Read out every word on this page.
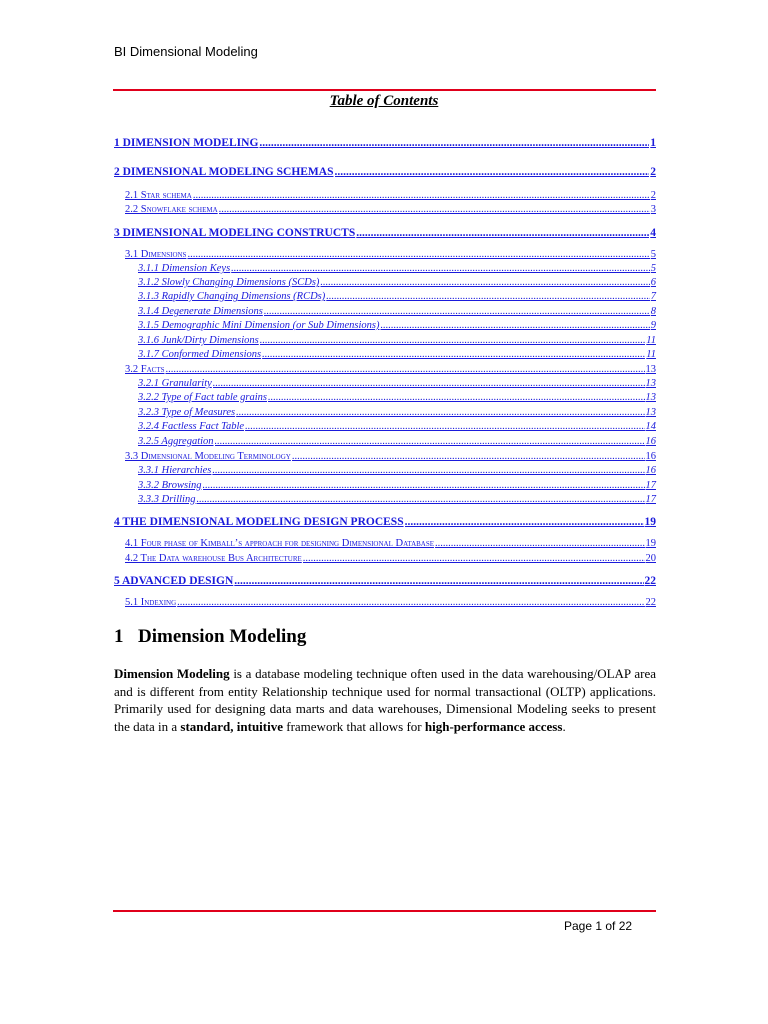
BI Dimensional Modeling
Table of Contents
1 DIMENSION MODELING .....	1
2 DIMENSIONAL MODELING SCHEMAS .....	2
2.1 Star schema .....	2
2.2 Snowflake schema .....	3
3 DIMENSIONAL MODELING CONSTRUCTS .....	4
3.1 Dimensions .....	5
3.1.1 Dimension Keys .....	5
3.1.2 Slowly Changing Dimensions (SCDs) .....	6
3.1.3 Rapidly Changing Dimensions (RCDs) .....	7
3.1.4 Degenerate Dimensions .....	8
3.1.5 Demographic Mini Dimension (or Sub Dimensions) .....	9
3.1.6 Junk/Dirty Dimensions .....	11
3.1.7 Conformed Dimensions .....	11
3.2 Facts .....	13
3.2.1 Granularity .....	13
3.2.2 Type of Fact table grains .....	13
3.2.3 Type of Measures .....	13
3.2.4 Factless Fact Table .....	14
3.2.5 Aggregation .....	16
3.3 Dimensional Modeling Terminology .....	16
3.3.1 Hierarchies .....	16
3.3.2 Browsing .....	17
3.3.3 Drilling .....	17
4 THE DIMENSIONAL MODELING DESIGN PROCESS .....	19
4.1 Four phase of Kimball’s approach for designing Dimensional Database .....	19
4.2 The Data warehouse Bus Architecture .....	20
5 ADVANCED DESIGN .....	22
5.1 Indexing .....	22
1 Dimension Modeling

Dimension Modeling is a database modeling technique often used in the data warehousing/OLAP area and is different from entity Relationship technique used for normal transactional (OLTP) applications. Primarily used for designing data marts and data warehouses, Dimensional Modeling seeks to present the data in a standard, intuitive framework that allows for high-performance access.

Page 1 of 22
